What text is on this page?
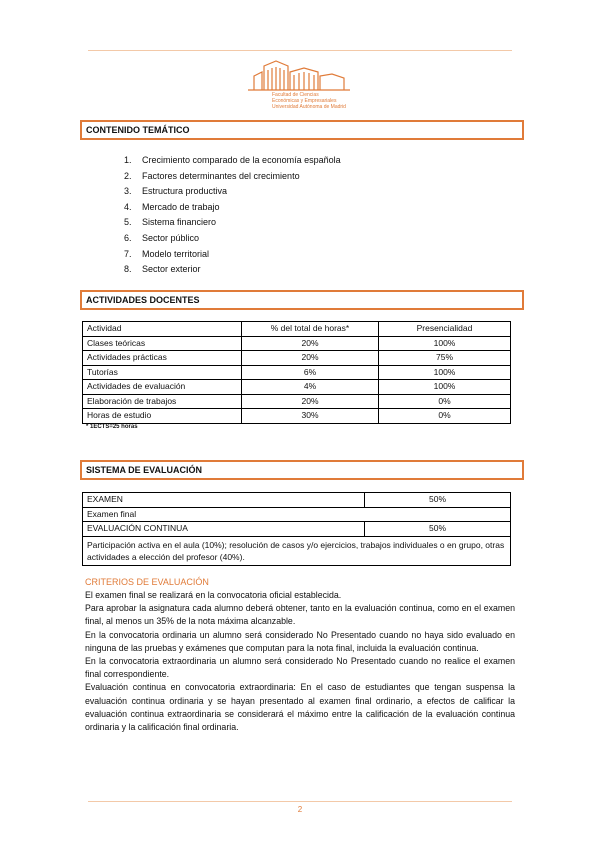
Facultad de Ciencias
Económicas y Empresariales
Universidad Autónoma de Madrid
CONTENIDO TEMÁTICO
1. Crecimiento comparado de la economía española
2. Factores determinantes del crecimiento
3. Estructura productiva
4. Mercado de trabajo
5. Sistema financiero
6. Sector público
7. Modelo territorial
8. Sector exterior
ACTIVIDADES DOCENTES
Actividad	% del total de horas*	Presencialidad
Clases teóricas	20%	100%
Actividades prácticas	20%	75%
Tutorías	6%	100%
Actividades de evaluación	4%	100%
Elaboración de trabajos	20%	0%
Horas de estudio	30%	0%
* 1ECTS=25 horas
SISTEMA DE EVALUACIÓN
EXAMEN	50%
Examen final	
EVALUACIÓN CONTINUA	50%
Participación activa en el aula (10%); resolución de casos y/o ejercicios, trabajos individuales o en grupo, otras actividades a elección del profesor (40%).	
CRITERIOS DE EVALUACIÓN

El examen final se realizará en la convocatoria oficial establecida.

Para aprobar la asignatura cada alumno deberá obtener, tanto en la evaluación continua, como en el examen final, al menos un 35% de la nota máxima alcanzable.

En la convocatoria ordinaria un alumno será considerado No Presentado cuando no haya sido evaluado en ninguna de las pruebas y exámenes que computan para la nota final, incluida la evaluación continua.

En la convocatoria extraordinaria un alumno será considerado No Presentado cuando no realice el examen final correspondiente.

Evaluación continua en convocatoria extraordinaria: En el caso de estudiantes que tengan suspensa la evaluación continua ordinaria y se hayan presentado al examen final ordinario, a efectos de calificar la evaluación continua extraordinaria se considerará el máximo entre la calificación de la evaluación continua ordinaria y la calificación final ordinaria.

2
